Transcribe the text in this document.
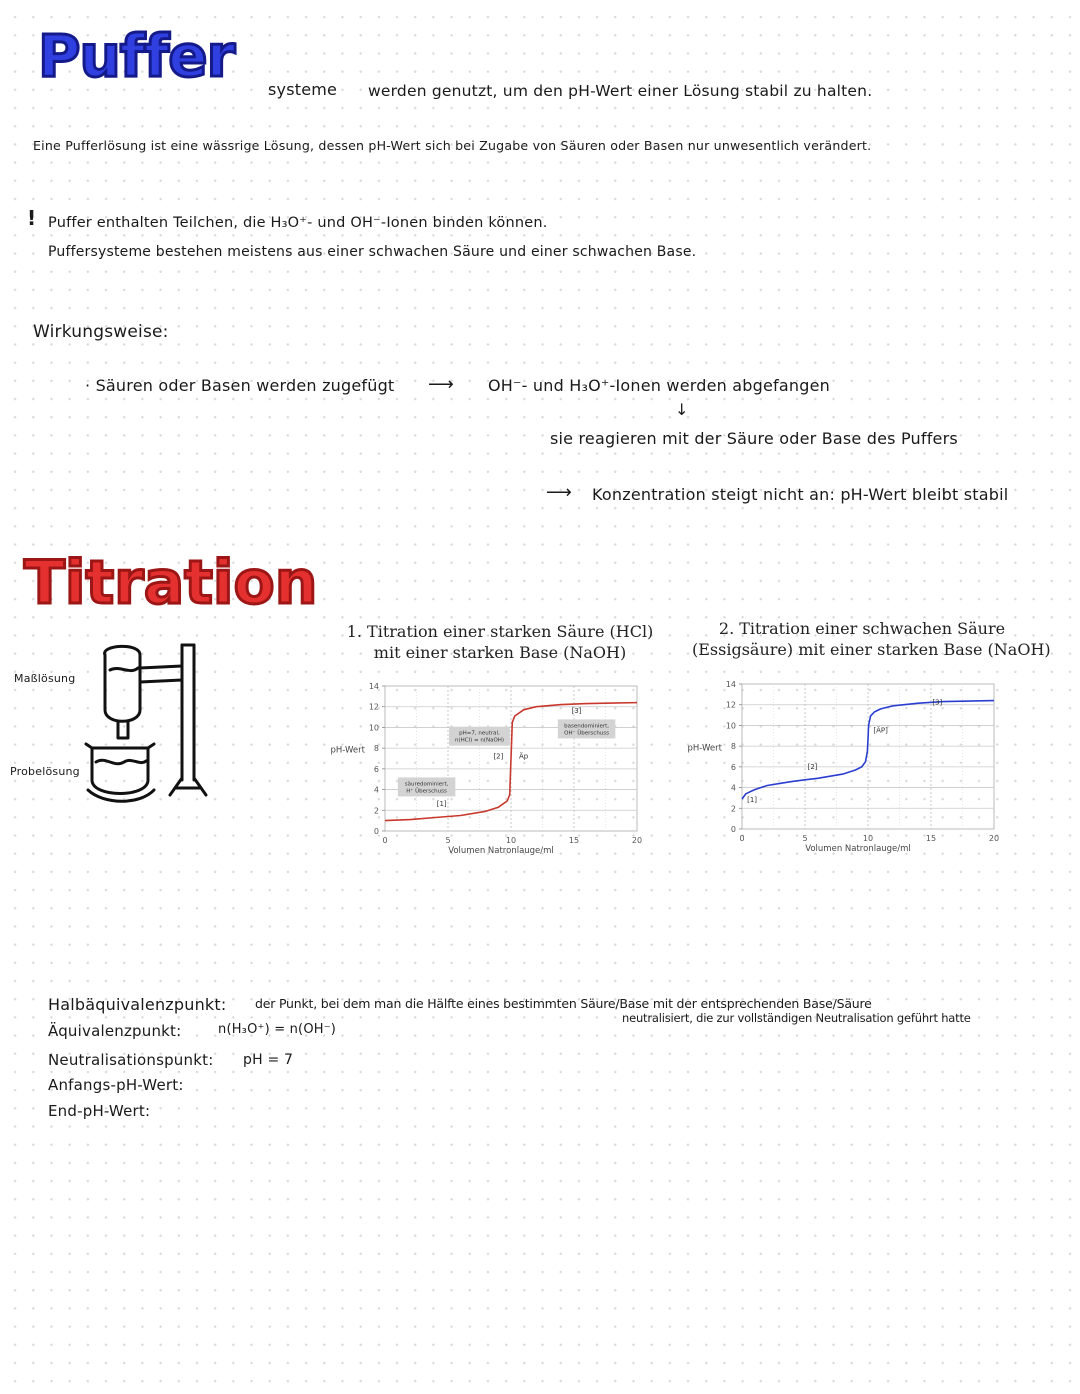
Puffer systeme werden genutzt, um den pH-Wert einer Lösung stabil zu halten.
Eine Pufferlösung ist eine wässrige Lösung, dessen pH-Wert sich bei Zugabe von Säuren oder Basen nur unwesentlich verändert.
! Puffer enthalten Teilchen, die H₃O⁺- und OH⁻-Ionen binden können.
Puffersysteme bestehen meistens aus einer schwachen Säure und einer schwachen Base.
Wirkungsweise:
· Säuren oder Basen werden zugefügt ⟶ OH⁻- und H₃O⁺-Ionen werden abgefangen
↓
sie reagieren mit der Säure oder Base des Puffers
⟶ Konzentration steigt nicht an: pH-Wert bleibt stabil
Titration
Maßlösung
Probelösung
1. Titration einer starken Säure (HCl)
mit einer starken Base (NaOH)
0
2
4
6
8
10
12
14
0	5	10	15	20
pH-Wert
Volumen Natronlauge/ml
[1]
säuredominiert,
H⁺ Überschuss
pH=7, neutral,
n(HCl) = n(NaOH)
[2] Äp
[3]
basendominiert,
OH⁻ Überschuss
2. Titration einer schwachen Säure
(Essigsäure) mit einer starken Base (NaOH)
0
2
4
6
8
10
12
14
0	5	10	15	20
pH-Wert
Volumen Natronlauge/ml
[1]
[2]
[ÄP]
[3]
Halbäquivalenzpunkt: der Punkt, bei dem man die Hälfte eines bestimmten Säure/Base mit der entsprechenden Base/Säure
neutralisiert, die zur vollständigen Neutralisation geführt hatte
Äquivalenzpunkt:	n(H₃O⁺) = n(OH⁻)
Neutralisationspunkt: pH = 7
Anfangs-pH-Wert:
End-pH-Wert:
